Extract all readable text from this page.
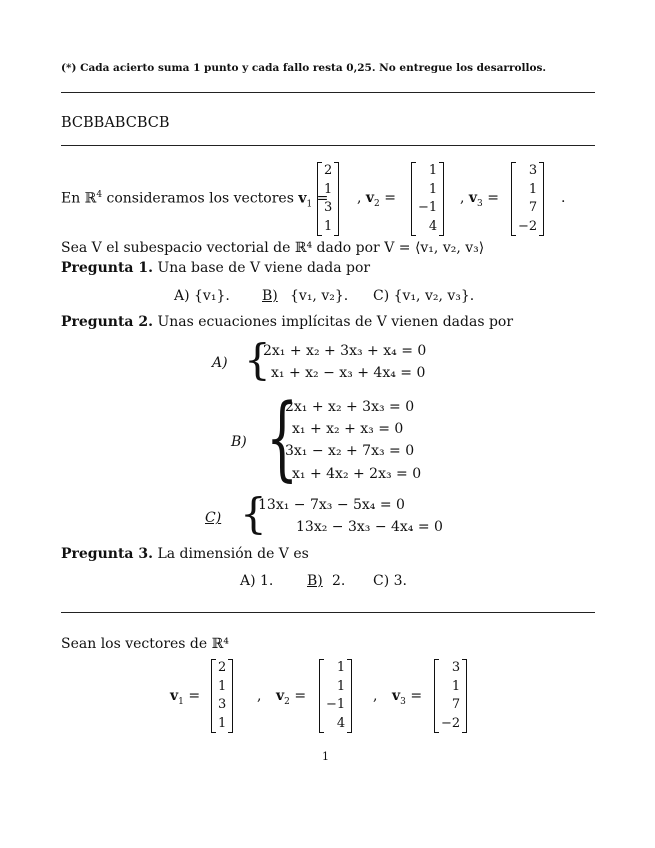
(*) Cada acierto suma 1 punto y cada fallo resta 0,25. No entregue los desarrollos.
BCBBABCBCB
En ℝ$^4$ consideramos los vectores $v_1$ =
2
1
3
1
, $v_2$ =
1
1
−1
4
, $v_3$ =
3
1
7
−2
.
Sea V el subespacio vectorial de ℝ⁴ dado por V = ⟨v₁, v₂, v₃⟩
Pregunta 1. Una base de V viene dada por
A) {v₁}. B) {v₁, v₂}. C) {v₁, v₂, v₃}.
Pregunta 2. Unas ecuaciones implícitas de V vienen dadas por
A) {
2x₁ + x₂ + 3x₃ + x₄ = 0
x₁ + x₂ − x₃ + 4x₄ = 0
B) {
2x₁ + x₂ + 3x₃ = 0
x₁ + x₂ + x₃ = 0
3x₁ − x₂ + 7x₃ = 0
x₁ + 4x₂ + 2x₃ = 0
C) {
13x₁ − 7x₃ − 5x₄ = 0
13x₂ − 3x₃ − 4x₄ = 0
Pregunta 3. La dimensión de V es
A) 1. B) 2. C) 3.
Sean los vectores de ℝ⁴
$v_1$ =
2
1
3
1
, $v_2$ =
1
1
−1
4
, $v_3$ =
3
1
7
−2
1
